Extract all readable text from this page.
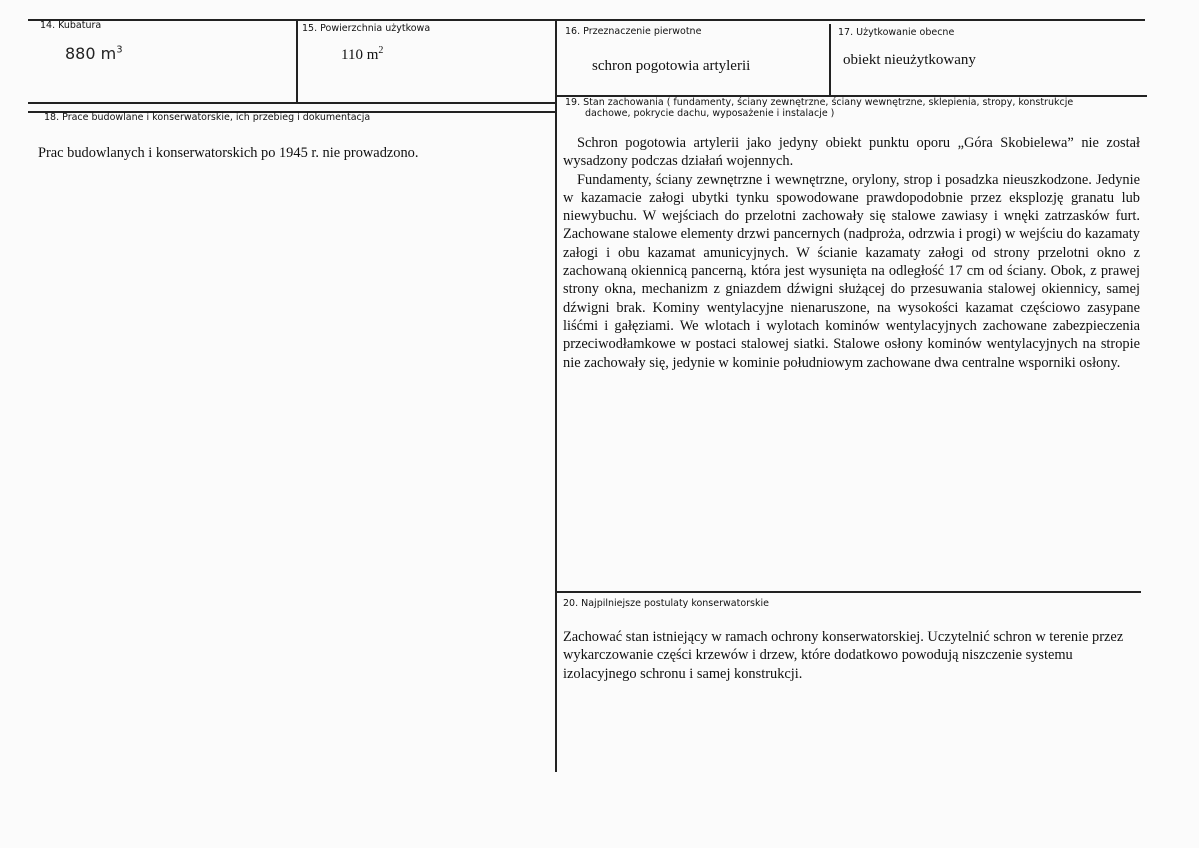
14. Kubatura
880 $m^3$
15. Powierzchnia użytkowa
110 $m^2$
16. Przeznaczenie pierwotne
schron pogotowia artylerii
17. Użytkowanie obecne
obiekt nieużytkowany
18. Prace budowlane i konserwatorskie, ich przebieg i dokumentacja
Prac budowlanych i konserwatorskich po 1945 r. nie prowadzono.
19. Stan zachowania ( fundamenty, ściany zewnętrzne, ściany wewnętrzne, sklepienia, stropy, konstrukcje
dachowe, pokrycie dachu, wyposażenie i instalacje )

Schron pogotowia artylerii jako jedyny obiekt punktu oporu „Góra Skobielewa” nie został wysadzony podczas działań wojennych.

Fundamenty, ściany zewnętrzne i wewnętrzne, orylony, strop i posadzka nieuszkodzone. Jedynie w kazamacie załogi ubytki tynku spowodowane prawdopodobnie przez eksplozję granatu lub niewybuchu. W wejściach do przelotni zachowały się stalowe zawiasy i wnęki zatrzasków furt. Zachowane stalowe elementy drzwi pancernych (nadproża, odrzwia i progi) w wejściu do kazamaty załogi i obu kazamat amunicyjnych. W ścianie kazamaty załogi od strony przelotni okno z zachowaną okiennicą pancerną, która jest wysunięta na odległość 17 cm od ściany. Obok, z prawej strony okna, mechanizm z gniazdem dźwigni służącej do przesuwania stalowej okiennicy, samej dźwigni brak. Kominy wentylacyjne nienaruszone, na wysokości kazamat częściowo zasypane liśćmi i gałęziami. We wlotach i wylotach kominów wentylacyjnych zachowane zabezpieczenia przeciwodłamkowe w postaci stalowej siatki. Stalowe osłony kominów wentylacyjnych na stropie nie zachowały się, jedynie w kominie południowym zachowane dwa centralne wsporniki osłony.

20. Najpilniejsze postulaty konserwatorskie
Zachować stan istniejący w ramach ochrony konserwatorskiej. Uczytelnić schron w terenie przez wykarczowanie części krzewów i drzew, które dodatkowo powodują niszczenie systemu izolacyjnego schronu i samej konstrukcji.
